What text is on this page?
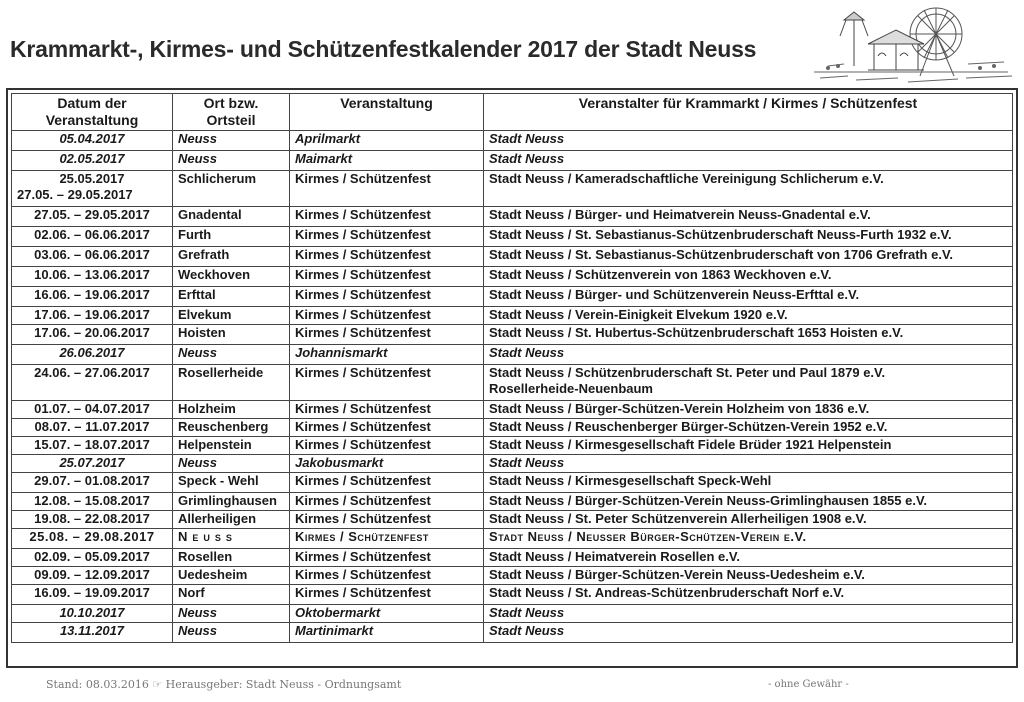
Krammarkt-, Kirmes- und Schützenfestkalender 2017 der Stadt Neuss
Datum der Veranstaltung	Ort bzw. Ortsteil	Veranstaltung	Veranstalter für Krammarkt / Kirmes / Schützenfest
05.04.2017	Neuss	Aprilmarkt	Stadt Neuss
02.05.2017	Neuss	Maimarkt	Stadt Neuss
25.05.2017
27.05. – 29.05.2017	Schlicherum	Kirmes / Schützenfest	Stadt Neuss / Kameradschaftliche Vereinigung Schlicherum e.V.
27.05. – 29.05.2017	Gnadental	Kirmes / Schützenfest	Stadt Neuss / Bürger- und Heimatverein Neuss-Gnadental e.V.
02.06. – 06.06.2017	Furth	Kirmes / Schützenfest	Stadt Neuss / St. Sebastianus-Schützenbruderschaft Neuss-Furth 1932 e.V.
03.06. – 06.06.2017	Grefrath	Kirmes / Schützenfest	Stadt Neuss / St. Sebastianus-Schützenbruderschaft von 1706 Grefrath e.V.
10.06. – 13.06.2017	Weckhoven	Kirmes / Schützenfest	Stadt Neuss / Schützenverein von 1863 Weckhoven e.V.
16.06. – 19.06.2017	Erfttal	Kirmes / Schützenfest	Stadt Neuss / Bürger- und Schützenverein Neuss-Erfttal e.V.
17.06. – 19.06.2017	Elvekum	Kirmes / Schützenfest	Stadt Neuss / Verein-Einigkeit Elvekum 1920 e.V.
17.06. – 20.06.2017	Hoisten	Kirmes / Schützenfest	Stadt Neuss / St. Hubertus-Schützenbruderschaft 1653 Hoisten e.V.
26.06.2017	Neuss	Johannismarkt	Stadt Neuss
24.06. – 27.06.2017	Rosellerheide	Kirmes / Schützenfest	Stadt Neuss / Schützenbruderschaft St. Peter und Paul 1879 e.V.
Rosellerheide-Neuenbaum

01.07. – 04.07.2017	Holzheim	Kirmes / Schützenfest	Stadt Neuss / Bürger-Schützen-Verein Holzheim von 1836 e.V.
08.07. – 11.07.2017	Reuschenberg	Kirmes / Schützenfest	Stadt Neuss / Reuschenberger Bürger-Schützen-Verein 1952 e.V.
15.07. – 18.07.2017	Helpenstein	Kirmes / Schützenfest	Stadt Neuss / Kirmesgesellschaft Fidele Brüder 1921 Helpenstein
25.07.2017	Neuss	Jakobusmarkt	Stadt Neuss
29.07. – 01.08.2017	Speck - Wehl	Kirmes / Schützenfest	Stadt Neuss / Kirmesgesellschaft Speck-Wehl
12.08. – 15.08.2017	Grimlinghausen	Kirmes / Schützenfest	Stadt Neuss / Bürger-Schützen-Verein Neuss-Grimlinghausen 1855 e.V.
19.08. – 22.08.2017	Allerheiligen	Kirmes / Schützenfest	Stadt Neuss / St. Peter Schützenverein Allerheiligen 1908 e.V.
25.08. – 29.08.2017	Neuss	Kirmes / Schützenfest	Stadt Neuss / Neusser Bürger-Schützen-Verein e.V.
02.09. – 05.09.2017	Rosellen	Kirmes / Schützenfest	Stadt Neuss / Heimatverein Rosellen e.V.
09.09. – 12.09.2017	Uedesheim	Kirmes / Schützenfest	Stadt Neuss / Bürger-Schützen-Verein Neuss-Uedesheim e.V.
16.09. – 19.09.2017	Norf	Kirmes / Schützenfest	Stadt Neuss / St. Andreas-Schützenbruderschaft Norf e.V.
10.10.2017	Neuss	Oktobermarkt	Stadt Neuss
13.11.2017	Neuss	Martinimarkt	Stadt Neuss
Stand: 08.03.2016 ☞ Herausgeber: Stadt Neuss - Ordnungsamt	- ohne Gewähr -
